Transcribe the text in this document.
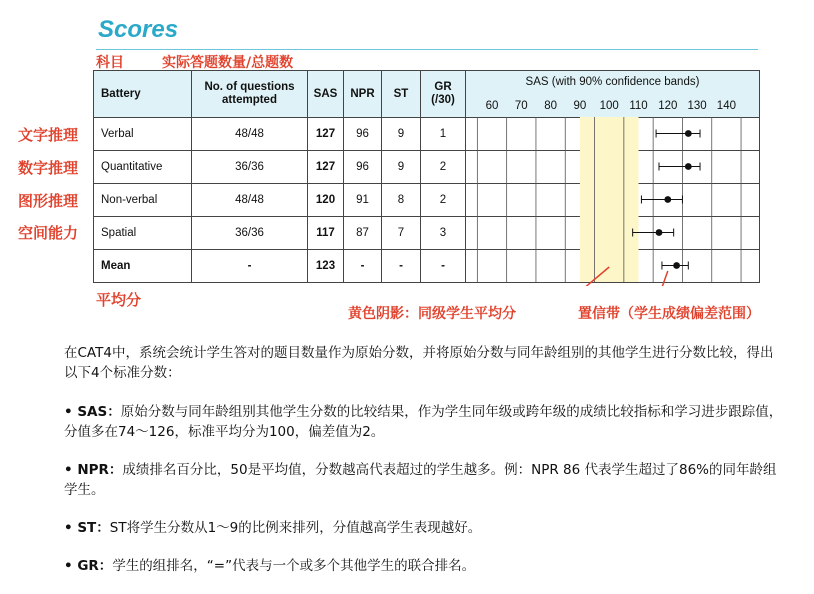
Scores
科目	实际答题数量/总题数
文字推理
数字推理
图形推理
空间能力
平均分
黄色阴影：同级学生平均分	置信带（学生成绩偏差范围）
Battery	No. of questions attempted	SAS	NPR	ST	GR
(/30)	
Verbal	48/48	127	96	9	1	
Quantitative	36/36	127	96	9	2	
Non-verbal	48/48	120	91	8	2	
Spatial	36/36	117	87	7	3	
Mean	-	123	-	-	-	
SAS (with 90% confidence bands)
60 70 80 90 100 110 120 130 140

在CAT4中，系统会统计学生答对的题目数量作为原始分数，并将原始分数与同年龄组别的其他学生进行分数比较，得出以下4个标准分数：

• SAS：原始分数与同年龄组别其他学生分数的比较结果，作为学生同年级或跨年级的成绩比较指标和学习进步跟踪值，分值多在74～126，标准平均分为100，偏差值为2。

• NPR：成绩排名百分比，50是平均值，分数越高代表超过的学生越多。例：NPR 86 代表学生超过了86%的同年龄组学生。

• ST：ST将学生分数从1～9的比例来排列，分值越高学生表现越好。

• GR：学生的组排名，“=”代表与一个或多个其他学生的联合排名。
